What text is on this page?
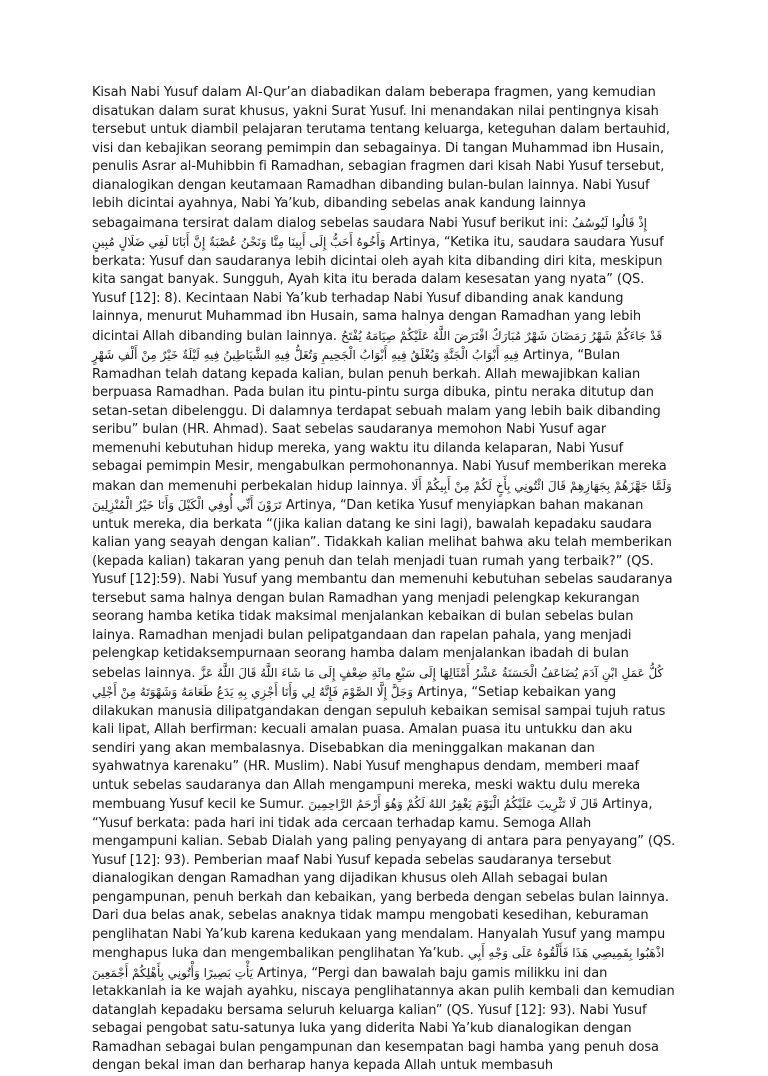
Kisah Nabi Yusuf dalam Al-Qur’an diabadikan dalam beberapa fragmen, yang kemudian disatukan dalam surat khusus, yakni Surat Yusuf. Ini menandakan nilai pentingnya kisah tersebut untuk diambil pelajaran terutama tentang keluarga, keteguhan dalam bertauhid, visi dan kebajikan seorang pemimpin dan sebagainya. Di tangan Muhammad ibn Husain, penulis Asrar al-Muhibbin fi Ramadhan, sebagian fragmen dari kisah Nabi Yusuf tersebut, dianalogikan dengan keutamaan Ramadhan dibanding bulan-bulan lainnya. Nabi Yusuf lebih dicintai ayahnya, Nabi Ya’kub, dibanding sebelas anak kandung lainnya sebagaimana tersirat dalam dialog sebelas saudara Nabi Yusuf berikut ini: إِذْ قَالُوا لَيُوسُفُ وَأَخُوهُ أَحَبُّ إِلَى أَبِينَا مِنَّا وَنَحْنُ عُصْبَةٌ إِنَّ أَبَانَا لَفِي ضَلَالٍ مُبِينٍ Artinya, “Ketika itu, saudara saudara Yusuf berkata: Yusuf dan saudaranya lebih dicintai oleh ayah kita dibanding diri kita, meskipun kita sangat banyak. Sungguh, Ayah kita itu berada dalam kesesatan yang nyata” (QS. Yusuf [12]: 8). Kecintaan Nabi Ya’kub terhadap Nabi Yusuf dibanding anak kandung lainnya, menurut Muhammad ibn Husain, sama halnya dengan Ramadhan yang lebih dicintai Allah dibanding bulan lainnya. قَدْ جَاءَكُمْ شَهْرُ رَمَضَانَ شَهْرٌ مُبَارَكٌ افْتَرَضَ اللَّهُ عَلَيْكُمْ صِيَامَهُ يُفْتَحُ فِيهِ أَبْوَابُ الْجَنَّةِ وَيُغْلَقُ فِيهِ أَبْوَابُ الْجَحِيمِ وَتُغَلُّ فِيهِ الشَّيَاطِينُ فِيهِ لَيْلَةٌ خَيْرٌ مِنْ أَلْفِ شَهْرٍ Artinya, “Bulan Ramadhan telah datang kepada kalian, bulan penuh berkah. Allah mewajibkan kalian berpuasa Ramadhan. Pada bulan itu pintu-pintu surga dibuka, pintu neraka ditutup dan setan-setan dibelenggu. Di dalamnya terdapat sebuah malam yang lebih baik dibanding seribu” bulan (HR. Ahmad). Saat sebelas saudaranya memohon Nabi Yusuf agar memenuhi kebutuhan hidup mereka, yang waktu itu dilanda kelaparan, Nabi Yusuf sebagai pemimpin Mesir, mengabulkan permohonannya. Nabi Yusuf memberikan mereka makan dan memenuhi perbekalan hidup lainnya. وَلَمَّا جَهَّزَهُمْ بِجَهَازِهِمْ قَالَ ائْتُونِي بِأَخٍ لَكُمْ مِنْ أَبِيكُمْ أَلَا تَرَوْنَ أَنِّي أُوفِي الْكَيْلَ وَأَنَا خَيْرُ الْمُنْزِلِينَ Artinya, “Dan ketika Yusuf menyiapkan bahan makanan untuk mereka, dia berkata “(jika kalian datang ke sini lagi), bawalah kepadaku saudara kalian yang seayah dengan kalian”. Tidakkah kalian melihat bahwa aku telah memberikan (kepada kalian) takaran yang penuh dan telah menjadi tuan rumah yang terbaik?” (QS. Yusuf [12]:59). Nabi Yusuf yang membantu dan memenuhi kebutuhan sebelas saudaranya tersebut sama halnya dengan bulan Ramadhan yang menjadi pelengkap kekurangan seorang hamba ketika tidak maksimal menjalankan kebaikan di bulan sebelas bulan lainya. Ramadhan menjadi bulan pelipatgandaan dan rapelan pahala, yang menjadi pelengkap ketidaksempurnaan seorang hamba dalam menjalankan ibadah di bulan sebelas lainnya. كُلُّ عَمَلِ ابْنِ آدَمَ يُضَاعَفُ الْحَسَنَةُ عَشْرُ أَمْثَالِهَا إِلَى سَبْعِ مِائَةِ ضِعْفٍ إِلَى مَا شَاءَ اللَّهُ قَالَ اللَّهُ عَزَّ وَجَلَّ إِلَّا الصَّوْمَ فَإِنَّهُ لِي وَأَنَا أَجْزِي بِهِ يَدَعُ طَعَامَهُ وَشَهْوَتَهُ مِنْ أَجْلِي Artinya, “Setiap kebaikan yang dilakukan manusia dilipatgandakan dengan sepuluh kebaikan semisal sampai tujuh ratus kali lipat, Allah berfirman: kecuali amalan puasa. Amalan puasa itu untukku dan aku sendiri yang akan membalasnya. Disebabkan dia meninggalkan makanan dan syahwatnya karenaku” (HR. Muslim). Nabi Yusuf menghapus dendam, memberi maaf untuk sebelas saudaranya dan Allah mengampuni mereka, meski waktu dulu mereka membuang Yusuf kecil ke Sumur. قَالَ لَا تَثْرِيبَ عَلَيْكُمُ الْيَوْمَ يَغْفِرُ اللهُ لَكُمْ وَهُوَ أَرْحَمُ الرَّاحِمِينَ Artinya, “Yusuf berkata: pada hari ini tidak ada cercaan terhadap kamu. Semoga Allah mengampuni kalian. Sebab Dialah yang paling penyayang di antara para penyayang” (QS. Yusuf [12]: 93). Pemberian maaf Nabi Yusuf kepada sebelas saudaranya tersebut dianalogikan dengan Ramadhan yang dijadikan khusus oleh Allah sebagai bulan pengampunan, penuh berkah dan kebaikan, yang berbeda dengan sebelas bulan lainnya. Dari dua belas anak, sebelas anaknya tidak mampu mengobati kesedihan, keburaman penglihatan Nabi Ya’kub karena kedukaan yang mendalam. Hanyalah Yusuf yang mampu menghapus luka dan mengembalikan penglihatan Ya’kub. اذْهَبُوا بِقَمِيصِي هَذَا فَأَلْقُوهُ عَلَى وَجْهِ أَبِي يَأْتِ بَصِيرًا وَأْتُونِي بِأَهْلِكُمْ أَجْمَعِينَ Artinya, “Pergi dan bawalah baju gamis milikku ini dan letakkanlah ia ke wajah ayahku, niscaya penglihatannya akan pulih kembali dan kemudian datanglah kepadaku bersama seluruh keluarga kalian” (QS. Yusuf [12]: 93). Nabi Yusuf sebagai pengobat satu-satunya luka yang diderita Nabi Ya’kub dianalogikan dengan Ramadhan sebagai bulan pengampunan dan kesempatan bagi hamba yang penuh dosa dengan bekal iman dan berharap hanya kepada Allah untuk membasuh
